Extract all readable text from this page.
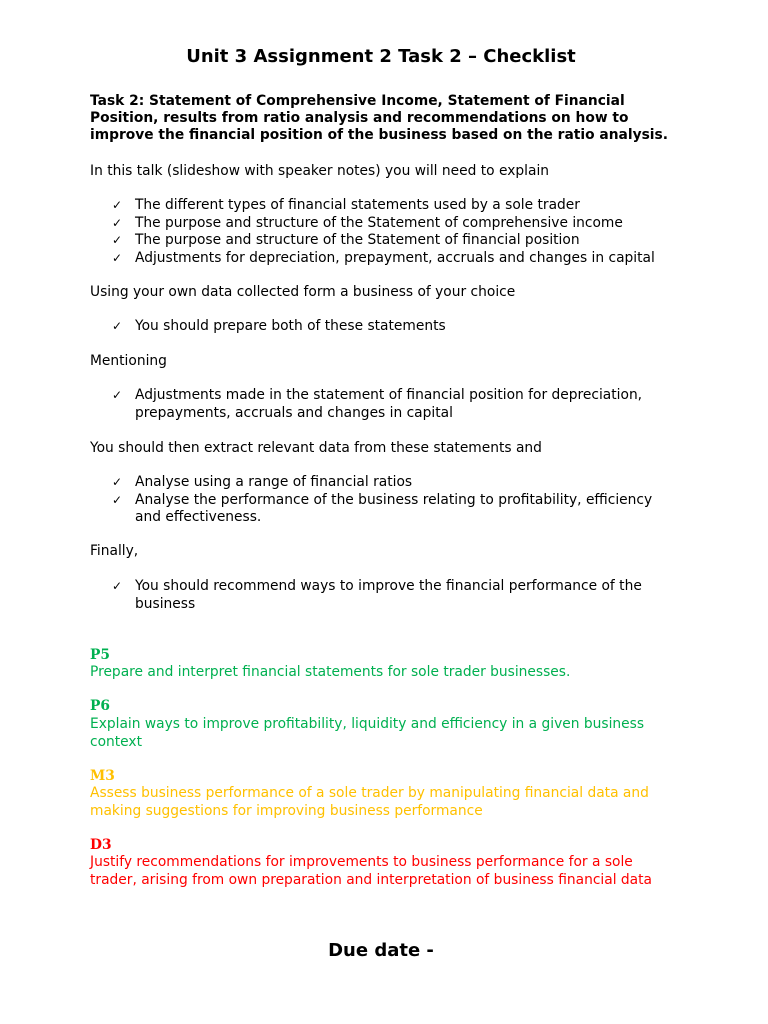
Unit 3 Assignment 2 Task 2 – Checklist
Task 2: Statement of Comprehensive Income, Statement of Financial Position, results from ratio analysis and recommendations on how to improve the financial position of the business based on the ratio analysis.
In this talk (slideshow with speaker notes) you will need to explain
✓ The different types of financial statements used by a sole trader
✓ The purpose and structure of the Statement of comprehensive income
✓ The purpose and structure of the Statement of financial position
✓ Adjustments for depreciation, prepayment, accruals and changes in capital
Using your own data collected form a business of your choice
✓ You should prepare both of these statements
Mentioning
✓ Adjustments made in the statement of financial position for depreciation, prepayments, accruals and changes in capital
You should then extract relevant data from these statements and
✓ Analyse using a range of financial ratios
✓ Analyse the performance of the business relating to profitability, efficiency and effectiveness.
Finally,
✓ You should recommend ways to improve the financial performance of the business
P5
Prepare and interpret financial statements for sole trader businesses.
P6
Explain ways to improve profitability, liquidity and efficiency in a given business context
M3
Assess business performance of a sole trader by manipulating financial data and making suggestions for improving business performance
D3
Justify recommendations for improvements to business performance for a sole trader, arising from own preparation and interpretation of business financial data
Due date -
